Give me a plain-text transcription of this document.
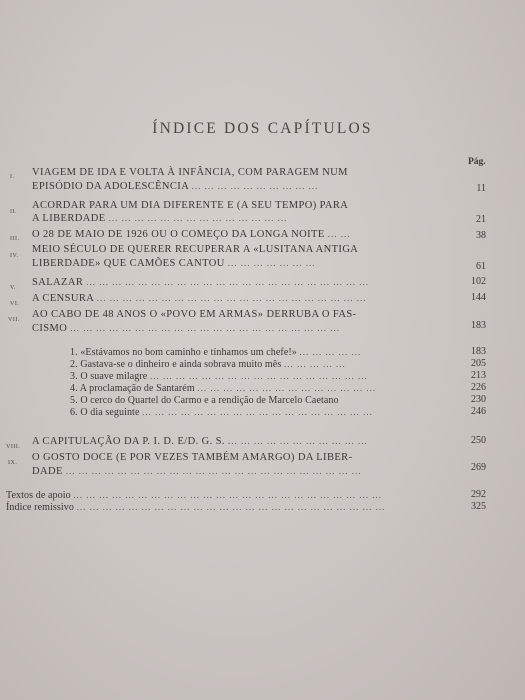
ÍNDICE DOS CAPÍTULOS
Pág.
I. VIAGEM DE IDA E VOLTA À INFÂNCIA, COM PARAGEM NUM
EPISÓDIO DA ADOLESCÊNCIA ... ... ... ... ... ... ... ... ... ...	11
II.
ACORDAR PARA UM DIA DIFERENTE E (A SEU TEMPO) PARA
A LIBERDADE ... ... ... ... ... ... ... ... ... ... ... ... ... ...	21
III. O 28 DE MAIO DE 1926 OU O COMEÇO DA LONGA NOITE ... ...	38
IV.
MEIO SÉCULO DE QUERER RECUPERAR A «LUSITANA ANTIGA
LIBERDADE» QUE CAMÕES CANTOU ... ... ... ... ... ... ...	61
V. SALAZAR ... ... ... ... ... ... ... ... ... ... ... ... ... ... ... ... ... ... ... ... ... ...	102
VI. A CENSURA ... ... ... ... ... ... ... ... ... ... ... ... ... ... ... ... ... ... ... ... ...	144
VII. AO CABO DE 48 ANOS O «POVO EM ARMAS» DERRUBA O FAS-
CISMO ... ... ... ... ... ... ... ... ... ... ... ... ... ... ... ... ... ... ... ... ...	183
1. «Estávamos no bom caminho e tínhamos um chefe!» ... ... ... ... ...	183
2. Gastava-se o dinheiro e ainda sobrava muito mês ... ... ... ... ...	205
3. O suave milagre ... ... ... ... ... ... ... ... ... ... ... ... ... ... ... ... ...	213
4. A proclamação de Santarém ... ... ... ... ... ... ... ... ... ... ... ... ... ...	226
5. O cerco do Quartel do Carmo e a rendição de Marcelo Caetano	230
6. O dia seguinte ... ... ... ... ... ... ... ... ... ... ... ... ... ... ... ... ... ...	246
VIII. A CAPITULAÇÃO DA P. I. D. E/D. G. S. ... ... ... ... ... ... ... ... ... ... ...	250
IX. O GOSTO DOCE (E POR VEZES TAMBÉM AMARGO) DA LIBER-
DADE ... ... ... ... ... ... ... ... ... ... ... ... ... ... ... ... ... ... ... ... ... ... ...	269
Textos de apoio ... ... ... ... ... ... ... ... ... ... ... ... ... ... ... ... ... ... ... ... ... ... ... ...	292
Índice remissivo ... ... ... ... ... ... ... ... ... ... ... ... ... ... ... ... ... ... ... ... ... ... ... ...	325
